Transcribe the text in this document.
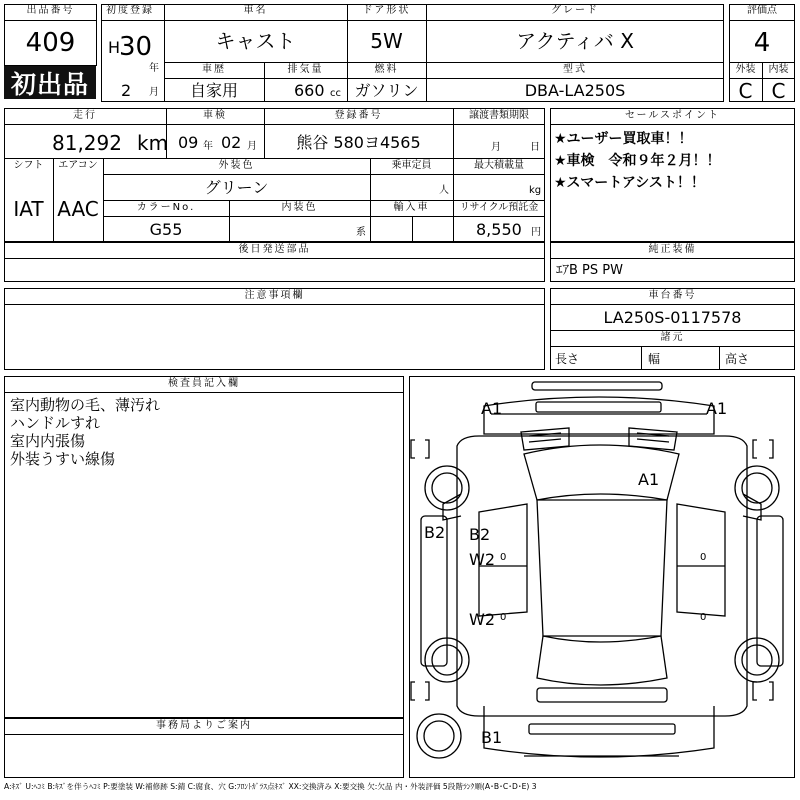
出品番号
409
初出品
初度登録
H
30
年
2 月
車名
キャスト
ドア形状
5W
グレード
アクティバ X
車歴
自家用
排気量
660 cc
燃料
ガソリン
型式
DBA-LA250S
評価点
4
外装	内装
C C
走行
81,292 km
車検
09 年 02 月
登録番号
熊谷 580ヨ4565
譲渡書類期限
月	日
シフト
IAT
エアコン
AAC
外装色
グリーン
乗車定員
人
最大積載量
kg
カラーNo.
G55
内装色
系
輸入車	リサイクル預託金
8,550 円
後日発送部品
セールスポイント
★ユーザー買取車！！
★車検　令和９年２月！！
★スマートアシスト！！
純正装備
ｴｱB PS PW
注意事項欄	車台番号
LA250S-0117578
諸元
長さ	幅	高さ
検査員記入欄
室内動物の毛、薄汚れ
ハンドルすれ
室内内張傷
外装うすい線傷
事務局よりご案内
A1	A1
A1
B2 B2
W2
W2
B1
0	0
0	0
A:ｷｽﾞ U:ﾍｺﾐ B:ｷｽﾞを伴うﾍｺﾐ P:要塗装 W:補修跡 S:錆 C:腐食、穴 G:ﾌﾛﾝﾄｶﾞﾗｽ点ｷｽﾞ XX:交換済み X:要交換 欠:欠品 内・外装評価 5段階ﾗﾝｸ順(A･B･C･D･E) 3
